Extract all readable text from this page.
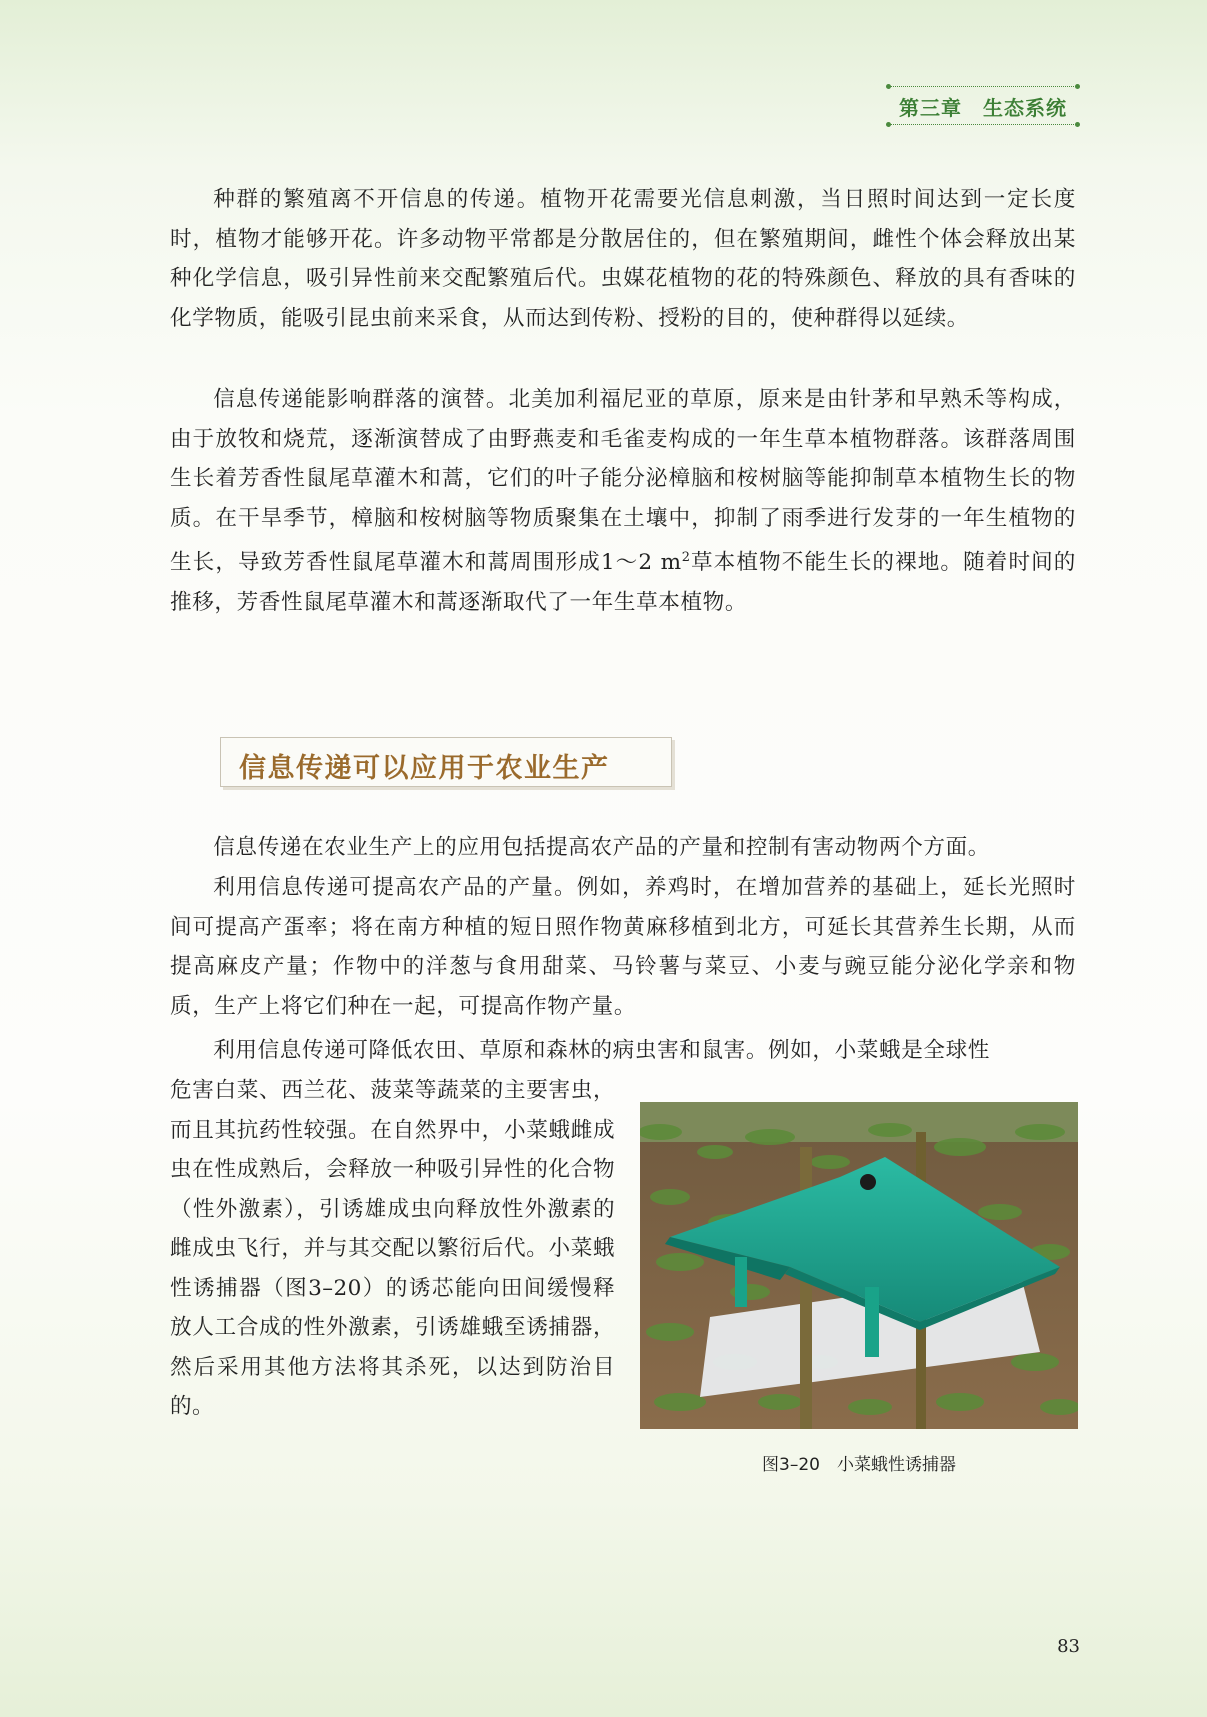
第三章　生态系统

种群的繁殖离不开信息的传递。植物开花需要光信息刺激，当日照时间达到一定长度时，植物才能够开花。许多动物平常都是分散居住的，但在繁殖期间，雌性个体会释放出某种化学信息，吸引异性前来交配繁殖后代。虫媒花植物的花的特殊颜色、释放的具有香味的化学物质，能吸引昆虫前来采食，从而达到传粉、授粉的目的，使种群得以延续。

信息传递能影响群落的演替。北美加利福尼亚的草原，原来是由针茅和早熟禾等构成，由于放牧和烧荒，逐渐演替成了由野燕麦和毛雀麦构成的一年生草本植物群落。该群落周围生长着芳香性鼠尾草灌木和蒿，它们的叶子能分泌樟脑和桉树脑等能抑制草本植物生长的物质。在干旱季节，樟脑和桉树脑等物质聚集在土壤中，抑制了雨季进行发芽的一年生植物的生长，导致芳香性鼠尾草灌木和蒿周围形成1～2 $m^2$草本植物不能生长的裸地。随着时间的推移，芳香性鼠尾草灌木和蒿逐渐取代了一年生草本植物。

信息传递可以应用于农业生产

信息传递在农业生产上的应用包括提高农产品的产量和控制有害动物两个方面。

利用信息传递可提高农产品的产量。例如，养鸡时，在增加营养的基础上，延长光照时间可提高产蛋率；将在南方种植的短日照作物黄麻移植到北方，可延长其营养生长期，从而提高麻皮产量；作物中的洋葱与食用甜菜、马铃薯与菜豆、小麦与豌豆能分泌化学亲和物质，生产上将它们种在一起，可提高作物产量。

利用信息传递可降低农田、草原和森林的病虫害和鼠害。例如，小菜蛾是全球性

危害白菜、西兰花、菠菜等蔬菜的主要害虫，而且其抗药性较强。在自然界中，小菜蛾雌成虫在性成熟后，会释放一种吸引异性的化合物（性外激素），引诱雄成虫向释放性外激素的雌成虫飞行，并与其交配以繁衍后代。小菜蛾性诱捕器（图3–20）的诱芯能向田间缓慢释放人工合成的性外激素，引诱雄蛾至诱捕器，然后采用其他方法将其杀死，以达到防治目的。

图3–20　小菜蛾性诱捕器
83
